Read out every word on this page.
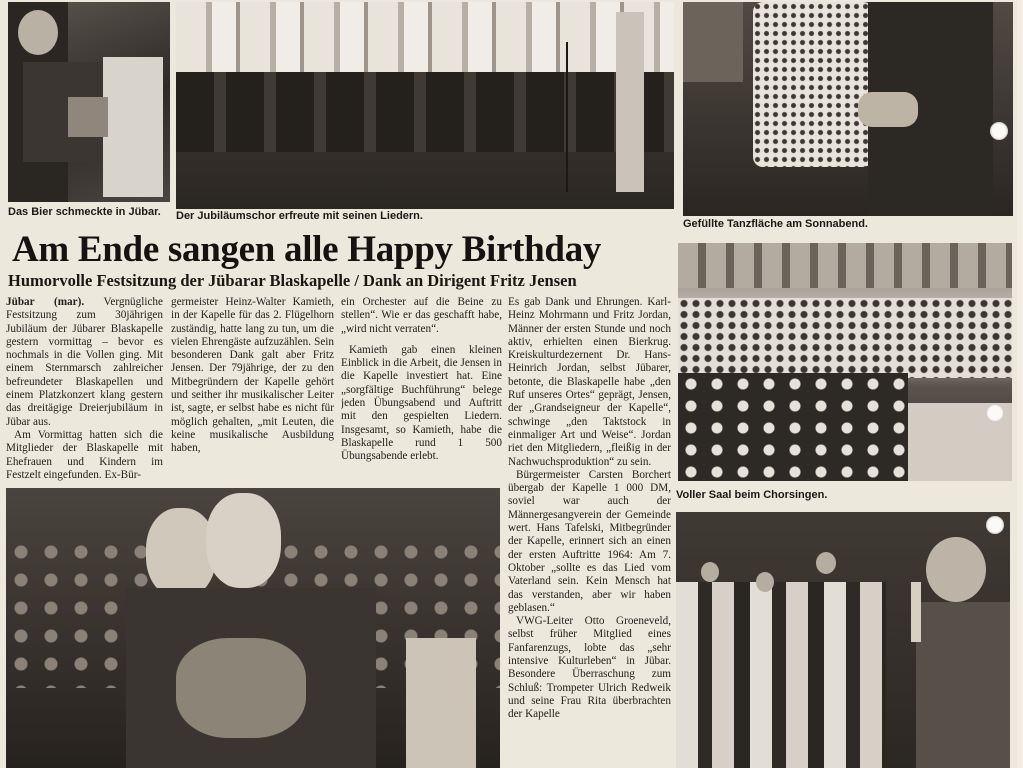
Das Bier schmeckte in Jübar. Der Jubiläumschor erfreute mit seinen Liedern.

Gefüllte Tanzfläche am Sonnabend.

Am Ende sangen alle Happy Birthday
Humorvolle Festsitzung der Jübarar Blaskapelle / Dank an Dirigent Fritz Jensen

Jübar (mar). Vergnügliche Festsitzung zum 30jährigen Jubiläum der Jübarer Blaskapelle gestern vormittag – bevor es nochmals in die Vollen ging. Mit einem Sternmarsch zahlreicher befreundeter Blaskapellen und einem Platzkonzert klang gestern das dreitägige Dreierjubiläum in Jübar aus.

Am Vormittag hatten sich die Mitglieder der Blaskapelle mit Ehefrauen und Kindern im Festzelt eingefunden. Ex-Bür-

germeister Heinz-Walter Kamieth, in der Kapelle für das 2. Flügelhorn zuständig, hatte lang zu tun, um die vielen Ehrengäste aufzuzählen. Sein besonderen Dank galt aber Fritz Jensen. Der 79jährige, der zu den Mitbegründern der Kapelle gehört und seither ihr musikalischer Leiter ist, sagte, er selbst habe es nicht für möglich gehalten, „mit Leuten, die keine musikalische Ausbildung haben,

ein Orchester auf die Beine zu stellen“. Wie er das geschafft habe, „wird nicht verraten“.

Kamieth gab einen kleinen Einblick in die Arbeit, die Jensen in die Kapelle investiert hat. Eine „sorgfältige Buchführung“ belege jeden Übungsabend und Auftritt mit den gespielten Liedern. Insgesamt, so Kamieth, habe die Blaskapelle rund 1 500 Übungsabende erlebt.

Es gab Dank und Ehrungen. Karl-Heinz Mohrmann und Fritz Jordan, Männer der ersten Stunde und noch aktiv, erhielten einen Bierkrug. Kreiskulturdezernent Dr. Hans-Heinrich Jordan, selbst Jübarer, betonte, die Blaskapelle habe „den Ruf unseres Ortes“ geprägt, Jensen, der „Grandseigneur der Kapelle“, schwinge „den Taktstock in einmaliger Art und Weise“. Jordan riet den Mitgliedern, „fleißig in der Nachwuchsproduktion“ zu sein.

Bürgermeister Carsten Borchert übergab der Kapelle 1 000 DM, soviel war auch der Männergesangverein der Gemeinde wert. Hans Tafelski, Mitbegründer der Kapelle, erinnert sich an einen der ersten Auftritte 1964: Am 7. Oktober „sollte es das Lied vom Vaterland sein. Kein Mensch hat das verstanden, aber wir haben geblasen.“

VWG-Leiter Otto Groeneveld, selbst früher Mitglied eines Fanfarenzugs, lobte das „sehr intensive Kulturleben“ in Jübar. Besondere Überraschung zum Schluß: Trompeter Ulrich Redweik und seine Frau Rita überbrachten der Kapelle

Voller Saal beim Chorsingen.
